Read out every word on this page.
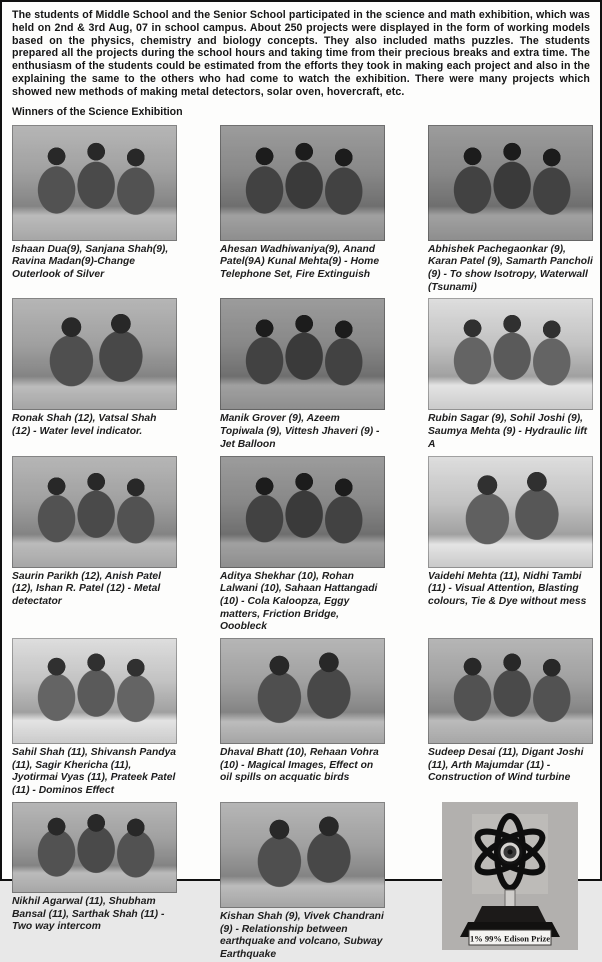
The students of Middle School and the Senior School participated in the science and math exhibition, which was held on 2nd & 3rd Aug, 07 in school campus. About 250 projects were displayed in the form of working models based on the physics, chemistry and biology concepts. They also included maths puzzles. The students prepared all the projects during the school hours and taking time from their precious breaks and extra time. The enthusiasm of the students could be estimated from the efforts they took in making each project and also in the explaining the same to the others who had come to watch the exhibition. There were many projects which showed new methods of making metal detectors, solar oven, hovercraft, etc.

Winners of the Science Exhibition
Ishaan Dua(9), Sanjana Shah(9), Ravina Madan(9)-Change Outerlook of Silver
Ahesan Wadhiwaniya(9), Anand Patel(9A) Kunal Mehta(9) - Home Telephone Set, Fire Extinguish
Abhishek Pachegaonkar (9), Karan Patel (9), Samarth Pancholi (9) - To show Isotropy, Waterwall (Tsunami)
Ronak Shah (12), Vatsal Shah (12) - Water level indicator.
Manik Grover (9), Azeem Topiwala (9), Vittesh Jhaveri (9) - Jet Balloon
Rubin Sagar (9), Sohil Joshi (9), Saumya Mehta (9) - Hydraulic lift A
Saurin Parikh (12), Anish Patel (12), Ishan R. Patel (12) - Metal detectator
Aditya Shekhar (10), Rohan Lalwani (10), Sahaan Hattangadi (10) - Cola Kaloopza, Eggy matters, Friction Bridge, Ooobleck
Vaidehi Mehta (11), Nidhi Tambi (11) - Visual Attention, Blasting colours, Tie & Dye without mess
Sahil Shah (11), Shivansh Pandya (11), Sagir Khericha (11), Jyotirmai Vyas (11), Prateek Patel (11) - Dominos Effect
Dhaval Bhatt (10), Rehaan Vohra (10) - Magical Images, Effect on oil spills on acquatic birds
Sudeep Desai (11), Digant Joshi (11), Arth Majumdar (11) - Construction of Wind turbine
Nikhil Agarwal (11), Shubham Bansal (11), Sarthak Shah (11) - Two way intercom
Kishan Shah (9), Vivek Chandrani (9) - Relationship between earthquake and volcano, Subway Earthquake
1% 99% Edison Prize
